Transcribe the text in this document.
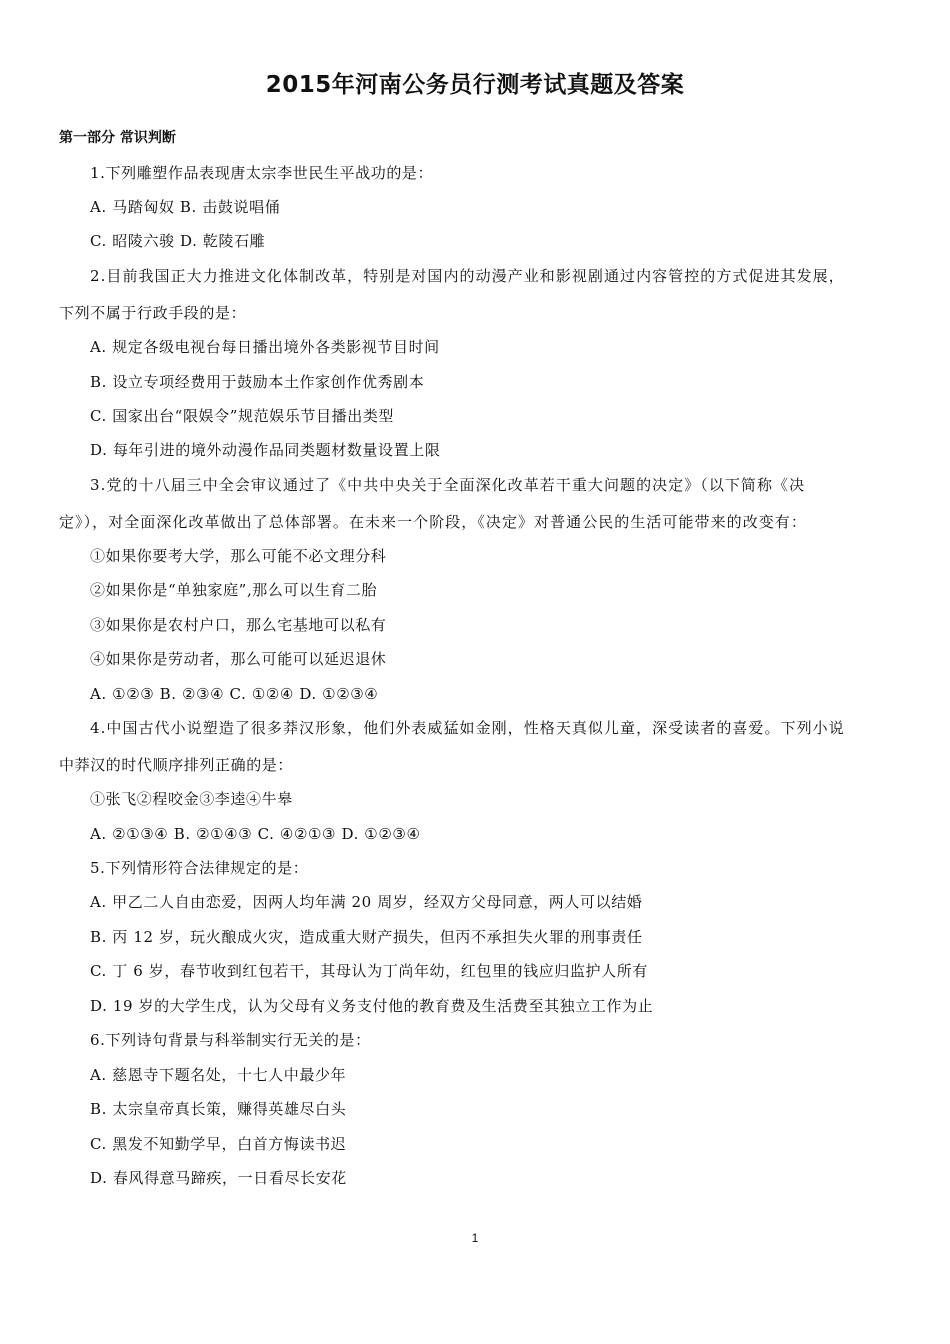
2015年河南公务员行测考试真题及答案
第一部分 常识判断
1.下列雕塑作品表现唐太宗李世民生平战功的是：
A. 马踏匈奴 B. 击鼓说唱俑
C. 昭陵六骏 D. 乾陵石雕
2.目前我国正大力推进文化体制改革，特别是对国内的动漫产业和影视剧通过内容管控的方式促进其发展，
下列不属于行政手段的是：
A. 规定各级电视台每日播出境外各类影视节目时间
B. 设立专项经费用于鼓励本土作家创作优秀剧本
C. 国家出台“限娱令”规范娱乐节目播出类型
D. 每年引进的境外动漫作品同类题材数量设置上限
3.党的十八届三中全会审议通过了《中共中央关于全面深化改革若干重大问题的决定》（以下简称《决
定》），对全面深化改革做出了总体部署。在未来一个阶段，《决定》对普通公民的生活可能带来的改变有：
①如果你要考大学，那么可能不必文理分科
②如果你是“单独家庭”,那么可以生育二胎
③如果你是农村户口，那么宅基地可以私有
④如果你是劳动者，那么可能可以延迟退休
A. ①②③ B. ②③④ C. ①②④ D. ①②③④
4.中国古代小说塑造了很多莽汉形象，他们外表威猛如金刚，性格天真似儿童，深受读者的喜爱。下列小说
中莽汉的时代顺序排列正确的是：
①张飞②程咬金③李逵④牛皋
A. ②①③④ B. ②①④③ C. ④②①③ D. ①②③④
5.下列情形符合法律规定的是：
A. 甲乙二人自由恋爱，因两人均年满 20 周岁，经双方父母同意，两人可以结婚
B. 丙 12 岁，玩火酿成火灾，造成重大财产损失，但丙不承担失火罪的刑事责任
C. 丁 6 岁，春节收到红包若干，其母认为丁尚年幼，红包里的钱应归监护人所有
D. 19 岁的大学生戊，认为父母有义务支付他的教育费及生活费至其独立工作为止
6.下列诗句背景与科举制实行无关的是：
A. 慈恩寺下题名处，十七人中最少年
B. 太宗皇帝真长策，赚得英雄尽白头
C. 黑发不知勤学早，白首方悔读书迟
D. 春风得意马蹄疾，一日看尽长安花
1
